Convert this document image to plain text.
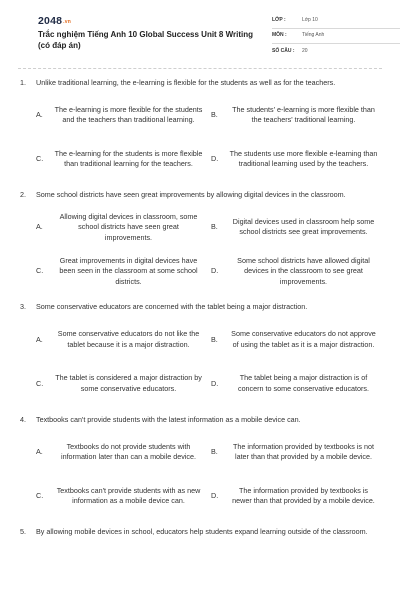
2048.vn
Trắc nghiệm Tiếng Anh 10 Global Success Unit 8 Writing (có đáp án)
LỚP :	Lớp 10
MÔN :	Tiếng Anh
SỐ CÂU :	20
1.	Unlike traditional learning, the e-learning is flexible for the students as well as for the teachers.
A.
The e-learning is more flexible for the students and the teachers than traditional learning.
B.
The students' e-learning is more flexible than the teachers' traditional learning.
C.
The e-learning for the students is more flexible than traditional learning for the teachers.
D.
The students use more flexible e-learning than traditional learning used by the teachers.
2.	Some school districts have seen great improvements by allowing digital devices in the classroom.
A.
Allowing digital devices in classroom, some school districts have seen great improvements.
B.
Digital devices used in classroom help some school districts see great improvements.
C.
Great improvements in digital devices have been seen in the classroom at some school districts.
D.
Some school districts have allowed digital devices in the classroom to see great improvements.
3.	Some conservative educators are concerned with the tablet being a major distraction.
A.
Some conservative educators do not like the tablet because it is a major distraction.
B.
Some conservative educators do not approve of using the tablet as it is a major distraction.
C.
The tablet is considered a major distraction by some conservative educators.
D.
The tablet being a major distraction is of concern to some conservative educators.
4.	Textbooks can't provide students with the latest information as a mobile device can.
A.
Textbooks do not provide students with information later than can a mobile device.
B.
The information provided by textbooks is not later than that provided by a mobile device.
C.
Textbooks can't provide students with as new information as a mobile device can.
D.
The information provided by textbooks is newer than that provided by a mobile device.
5.	By allowing mobile devices in school, educators help students expand learning outside of the classroom.
